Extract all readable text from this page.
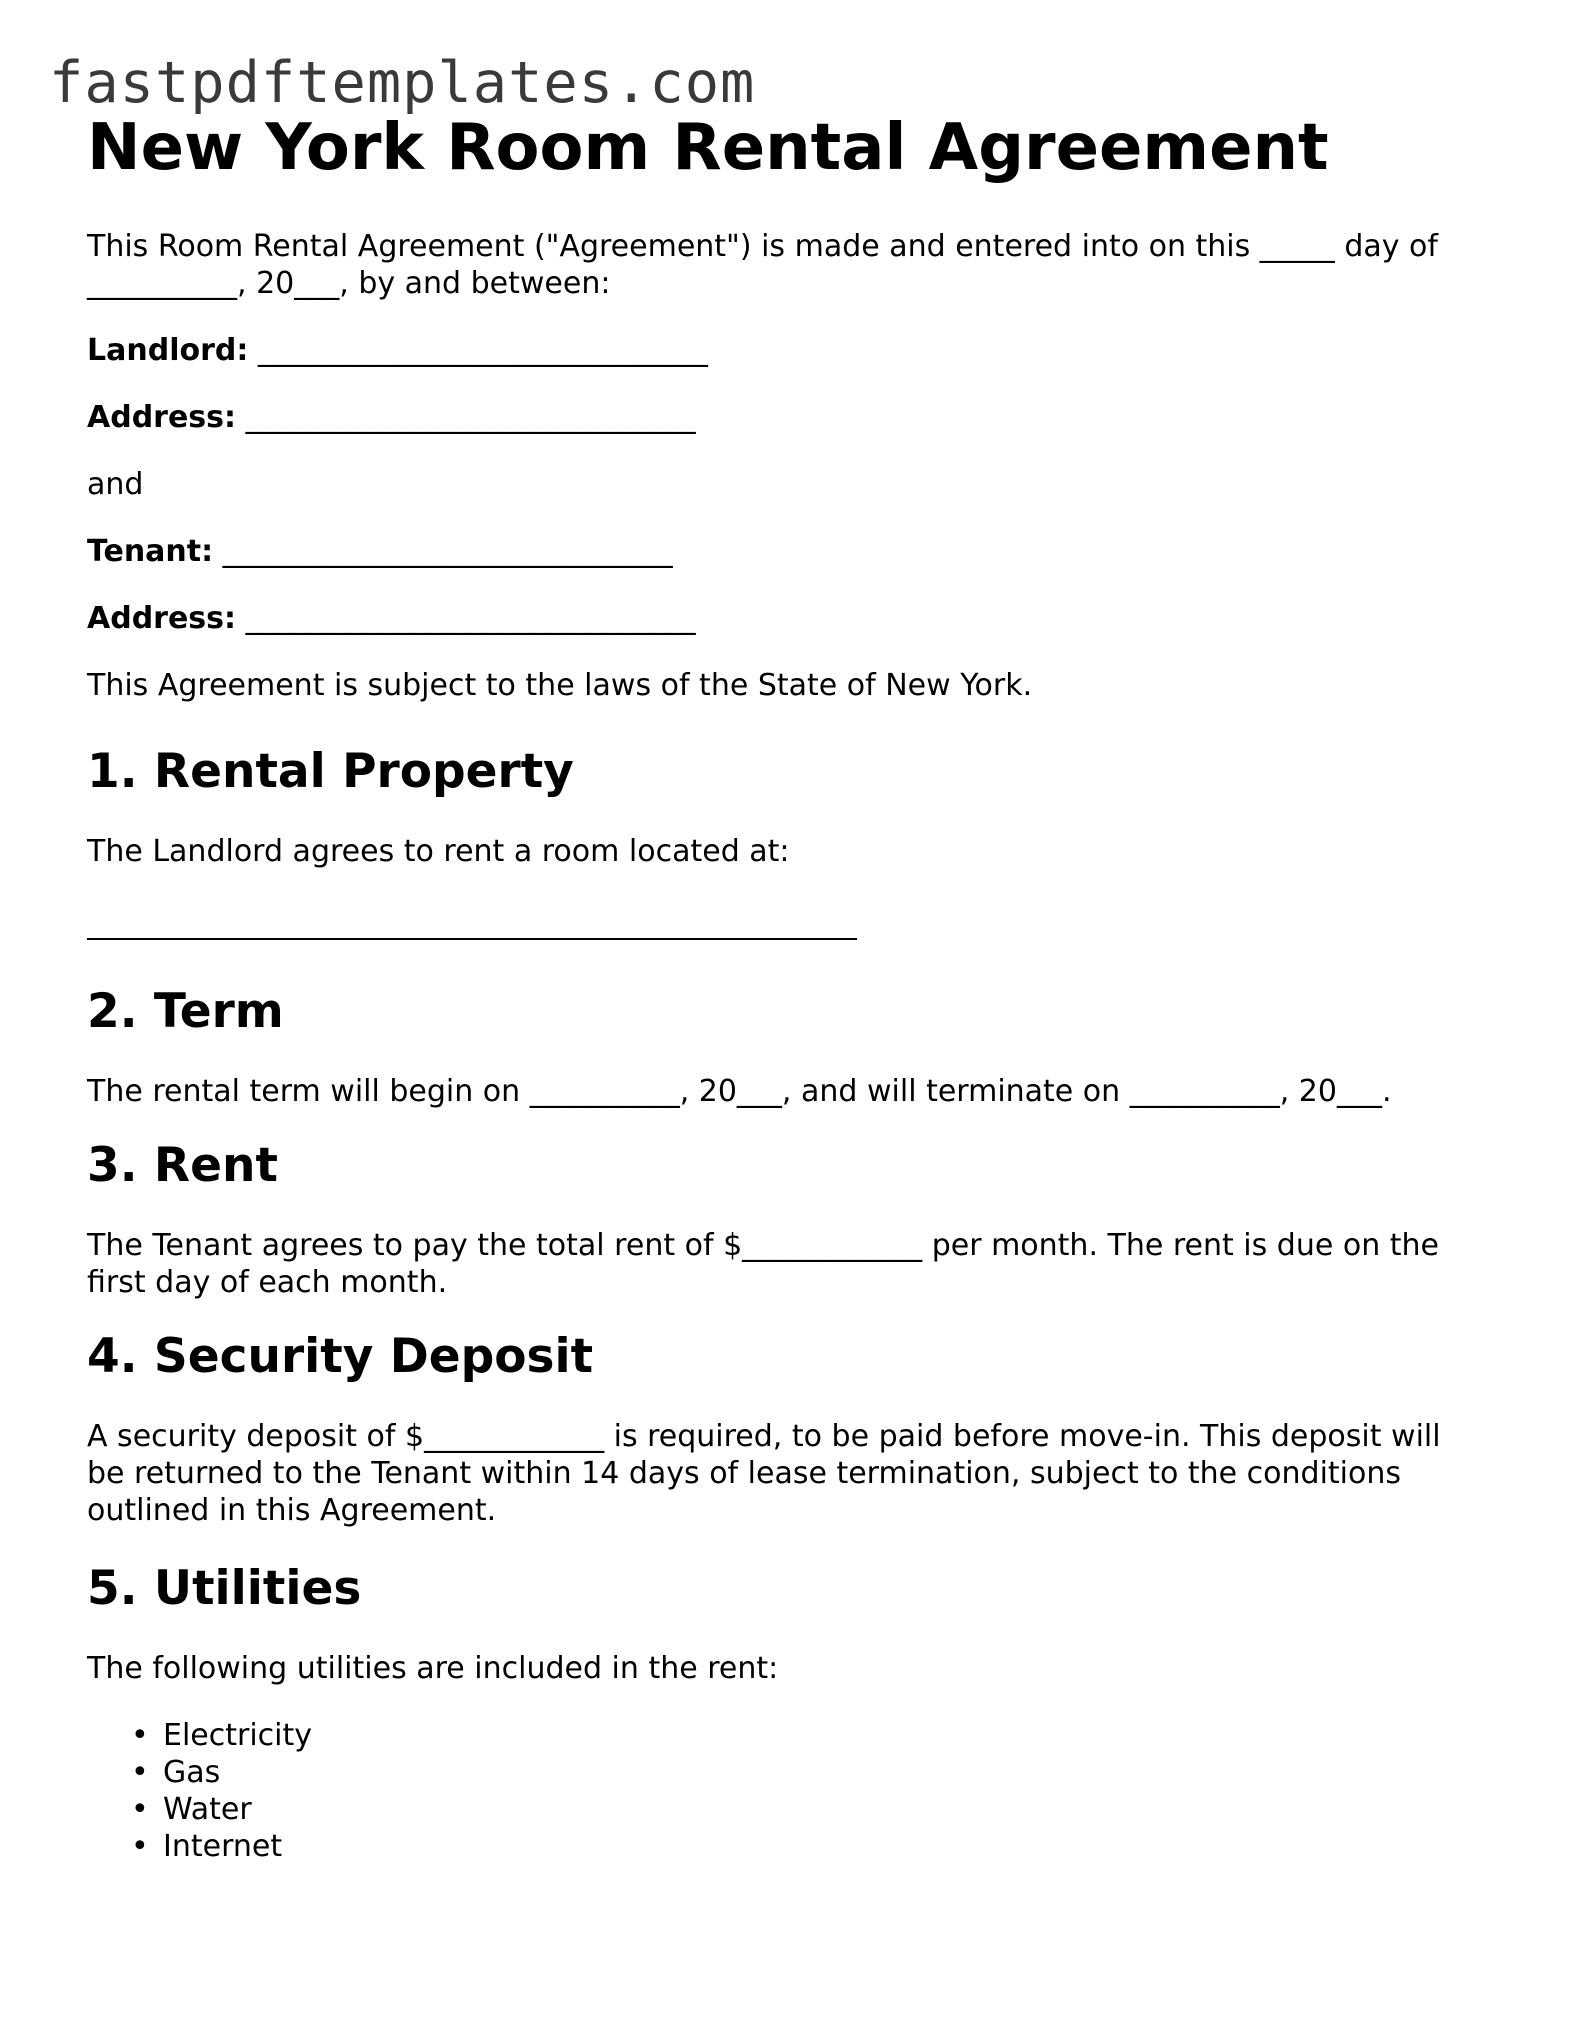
fastpdftemplates.com
New York Room Rental Agreement

This Room Rental Agreement ("Agreement") is made and entered into on this _____ day of __________, 20___, by and between:

Landlord: ______________________________

Address: ______________________________

and

Tenant: ______________________________

Address: ______________________________

This Agreement is subject to the laws of the State of New York.

1. Rental Property

The Landlord agrees to rent a room located at:

2. Term

The rental term will begin on __________, 20___, and will terminate on __________, 20___.

3. Rent

The Tenant agrees to pay the total rent of $____________ per month. The rent is due on the first day of each month.

4. Security Deposit

A security deposit of $____________ is required, to be paid before move-in. This deposit will be returned to the Tenant within 14 days of lease termination, subject to the conditions outlined in this Agreement.

5. Utilities

The following utilities are included in the rent:

• Electricity
• Gas
• Water
• Internet
